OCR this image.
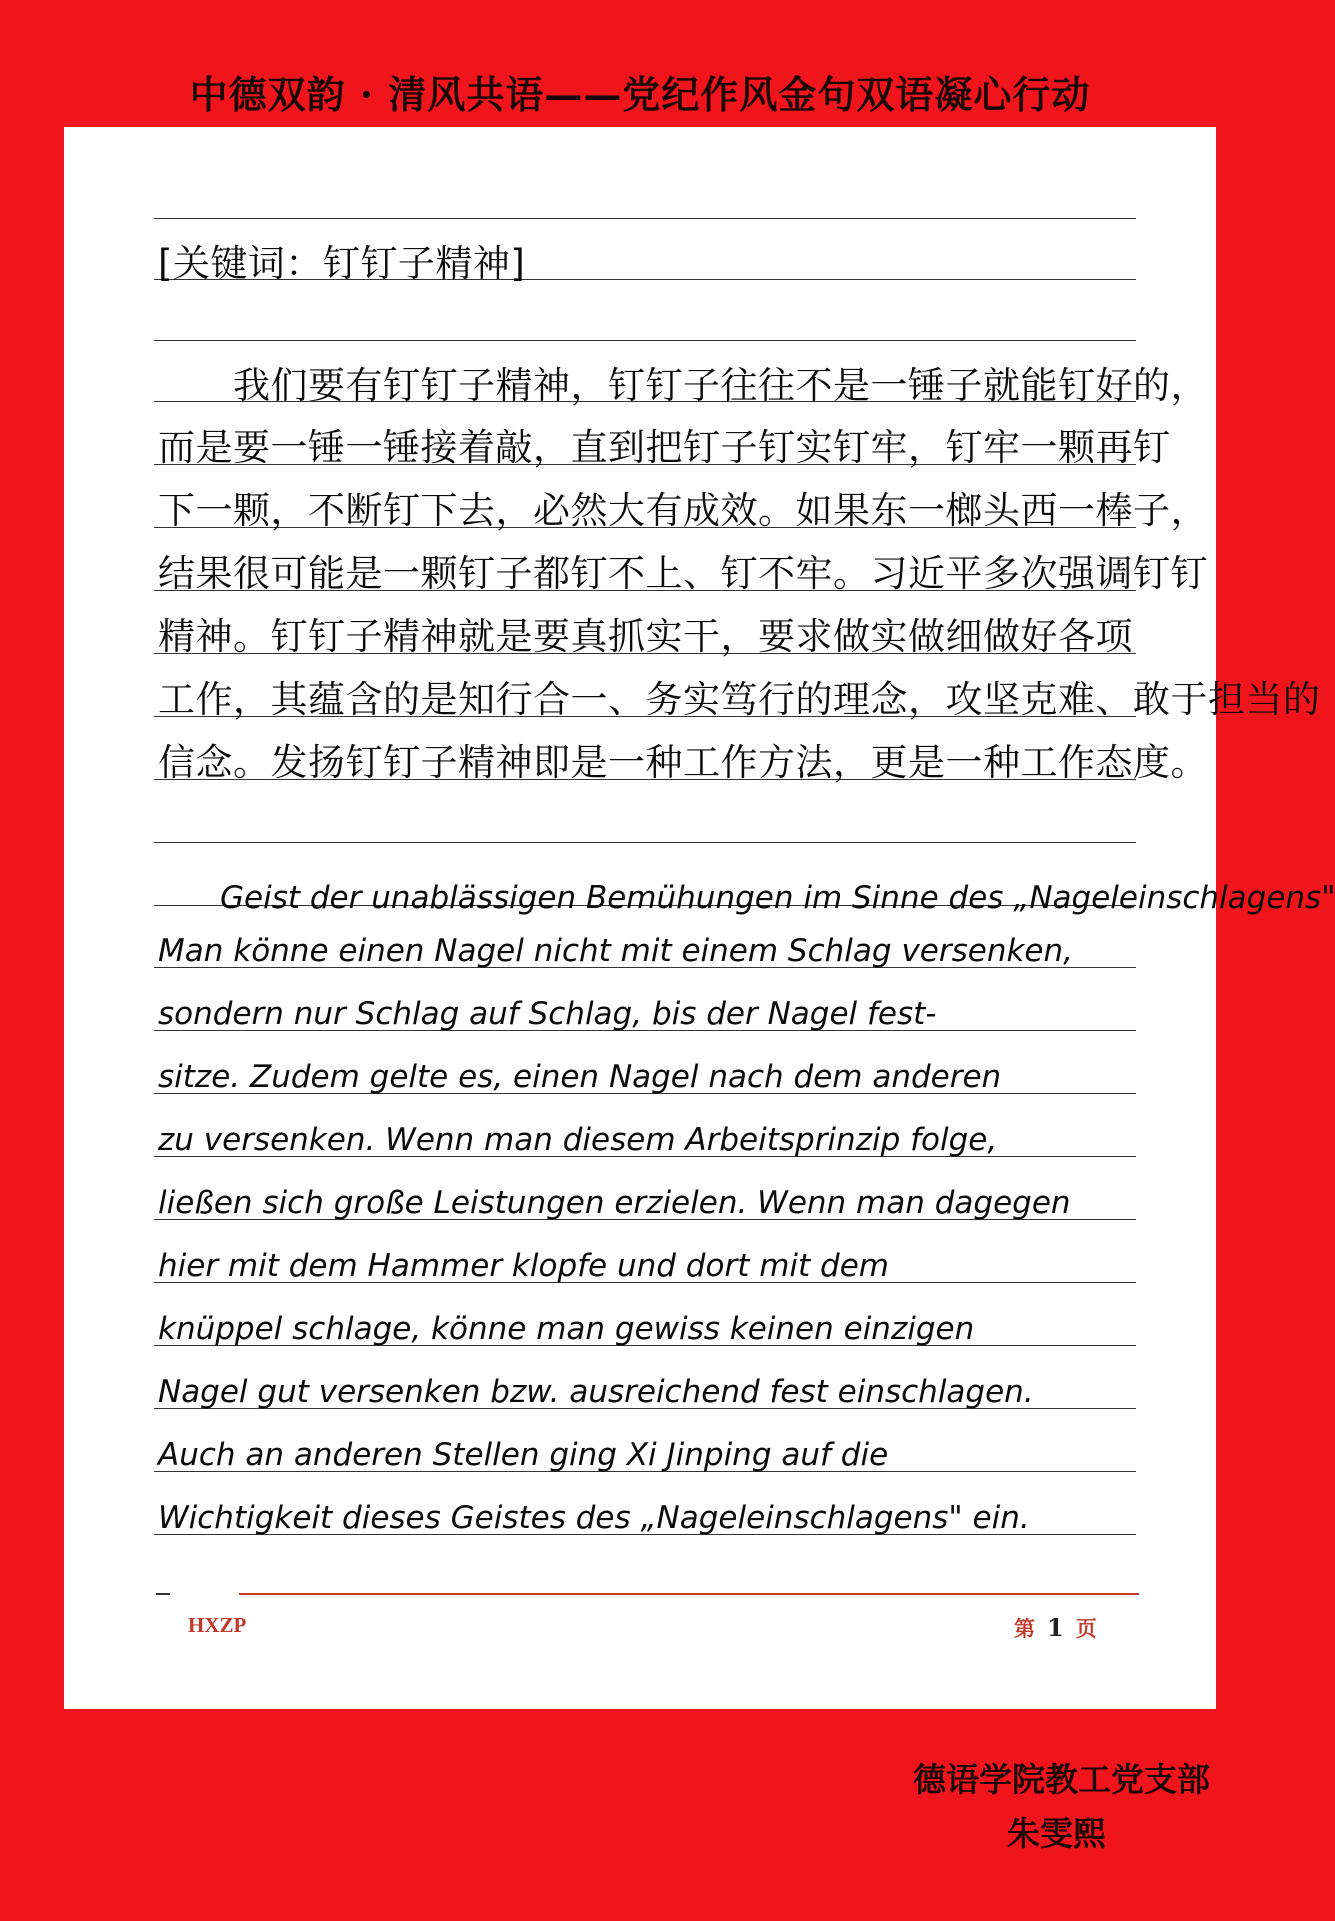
中德双韵 · 清风共语——党纪作风金句双语凝心行动
[关键词：钉钉子精神]
　　我们要有钉钉子精神，钉钉子往往不是一锤子就能钉好的，
而是要一锤一锤接着敲，直到把钉子钉实钉牢，钉牢一颗再钉
下一颗，不断钉下去，必然大有成效。如果东一榔头西一棒子，
结果很可能是一颗钉子都钉不上、钉不牢。习近平多次强调钉钉
精神。钉钉子精神就是要真抓实干，要求做实做细做好各项
工作，其蕴含的是知行合一、务实笃行的理念，攻坚克难、敢于担当的
信念。发扬钉钉子精神即是一种工作方法，更是一种工作态度。
　　Geist der unablässigen Bemühungen im Sinne des „Nageleinschlagens"
Man könne einen Nagel nicht mit einem Schlag versenken,
sondern nur Schlag auf Schlag, bis der Nagel fest-
sitze. Zudem gelte es, einen Nagel nach dem anderen
zu versenken. Wenn man diesem Arbeitsprinzip folge,
ließen sich große Leistungen erzielen. Wenn man dagegen
hier mit dem Hammer klopfe und dort mit dem
knüppel schlage, könne man gewiss keinen einzigen
Nagel gut versenken bzw. ausreichend fest einschlagen.
Auch an anderen Stellen ging Xi Jinping auf die
Wichtigkeit dieses Geistes des „Nageleinschlagens" ein.
HXZP	第 1 页
德语学院教工党支部
朱雯熙
